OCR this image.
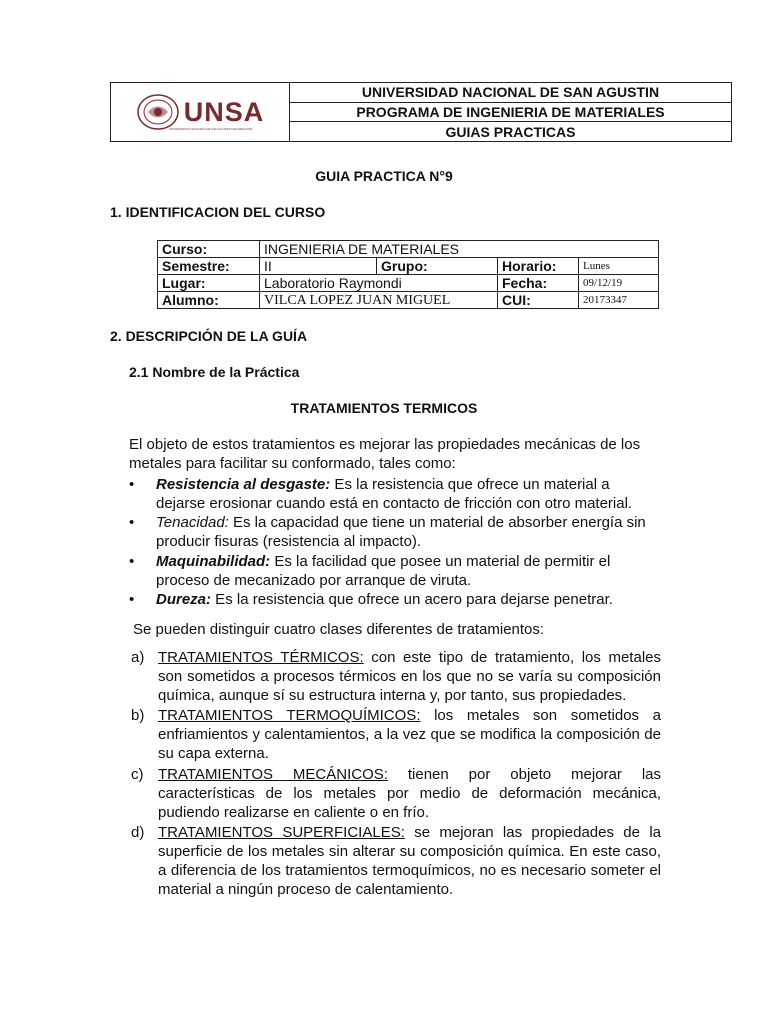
UNSA
UNIVERSIDAD NACIONAL DE SAN AGUSTIN DE AREQUIPA
UNIVERSIDAD NACIONAL DE SAN AGUSTIN
PROGRAMA DE INGENIERIA DE MATERIALES
GUIAS PRACTICAS
GUIA PRACTICA N°9
1. IDENTIFICACION DEL CURSO
Curso:	INGENIERIA DE MATERIALES			
Semestre:	II	Grupo:	Horario:	Lunes
Lugar:	Laboratorio Raymondi		Fecha:	09/12/19
Alumno:	VILCA LOPEZ JUAN MIGUEL		CUI:	20173347
2. DESCRIPCIÓN DE LA GUÍA
2.1 Nombre de la Práctica
TRATAMIENTOS TERMICOS
El objeto de estos tratamientos es mejorar las propiedades mecánicas de los
metales para facilitar su conformado, tales como:
•	Resistencia al desgaste: Es la resistencia que ofrece un material a dejarse erosionar cuando está en contacto de fricción con otro material.
•	Tenacidad: Es la capacidad que tiene un material de absorber energía sin producir fisuras (resistencia al impacto).
•	Maquinabilidad: Es la facilidad que posee un material de permitir el proceso de mecanizado por arranque de viruta.
•	Dureza: Es la resistencia que ofrece un acero para dejarse penetrar.
Se pueden distinguir cuatro clases diferentes de tratamientos:
a) TRATAMIENTOS TÉRMICOS: con este tipo de tratamiento, los metales son sometidos a procesos térmicos en los que no se varía su composición química, aunque sí su estructura interna y, por tanto, sus propiedades.
b) TRATAMIENTOS TERMOQUÍMICOS: los metales son sometidos a enfriamientos y calentamientos, a la vez que se modifica la composición de su capa externa.
c) TRATAMIENTOS MECÁNICOS: tienen por objeto mejorar las características de los metales por medio de deformación mecánica, pudiendo realizarse en caliente o en frío.
d) TRATAMIENTOS SUPERFICIALES: se mejoran las propiedades de la superficie de los metales sin alterar su composición química. En este caso, a diferencia de los tratamientos termoquímicos, no es necesario someter el material a ningún proceso de calentamiento.
